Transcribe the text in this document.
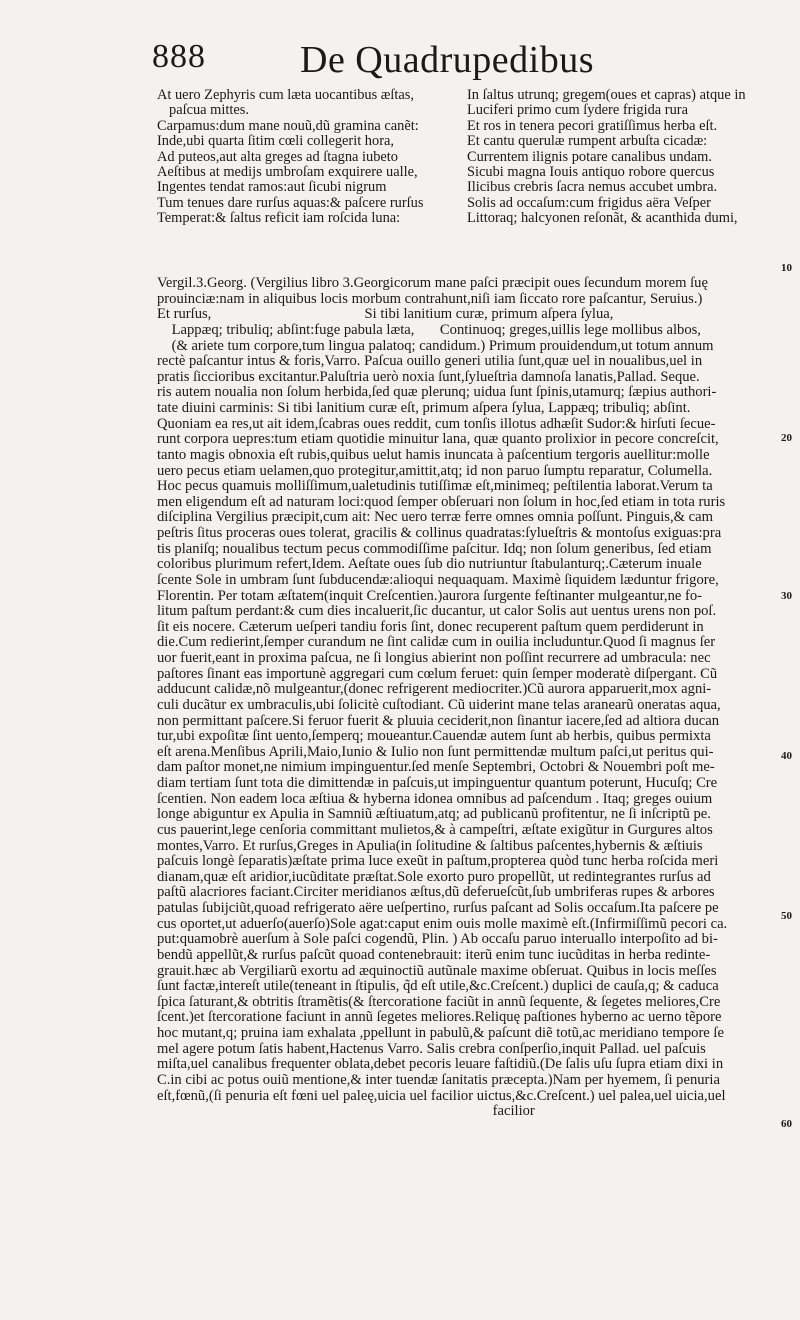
888 De Quadrupedibus
At uero Zephyris cum læta uocantibus æſtas,
paſcua mittes.
Carpamus:dum mane nouũ,dũ gramina canẽt:
Inde,ubi quarta ſitim cœli collegerit hora,
Ad puteos,aut alta greges ad ſtagna iubeto
Aeſtibus at medijs umbroſam exquirere ualle,
Ingentes tendat ramos:aut ſicubi nigrum
Tum tenues dare rurſus aquas:& paſcere rurſus
Temperat:& ſaltus reficit iam roſcida luna:
In ſaltus utrunq; gregem(oues et capras) atque in
Luciferi primo cum ſydere frigida rura
Et ros in tenera pecori gratiſſimus herba eſt.
Et cantu querulæ rumpent arbuſta cicadæ:
Currentem ilignis potare canalibus undam.
Sicubi magna Iouis antiquo robore quercus
Ilicibus crebris ſacra nemus accubet umbra.
Solis ad occaſum:cum frigidus aëra Veſper
Littoraq; halcyonen reſonãt, & acanthida dumi,
Vergil.3.Georg. (Vergilius libro 3.Georgicorum mane paſci præcipit oues ſecundum morem ſuę
prouinciæ:nam in aliquibus locis morbum contrahunt,niſi iam ſiccato rore paſcantur, Seruius.)
Et rurſus,                                          Si tibi lanitium curæ, primum aſpera ſylua,
Lappæq; tribuliq; abſint:fuge pabula læta,       Continuoq; greges,uillis lege mollibus albos,
(& ariete tum corpore,tum lingua palatoq; candidum.) Primum prouidendum,ut totum annum
rectè paſcantur intus & foris,Varro. Paſcua ouillo generi utilia ſunt,quæ uel in noualibus,uel in
pratis ſiccioribus excitantur.Paluſtria uerò noxia ſunt,ſylueſtria damnoſa lanatis,Pallad. Seque.
ris autem noualia non ſolum herbida,ſed quæ plerunq; uidua ſunt ſpinis,utamurq; ſæpius authori-
tate diuini carminis: Si tibi lanitium curæ eſt, primum aſpera ſylua, Lappæq; tribuliq; abſint.
Quoniam ea res,ut ait idem,ſcabras oues reddit, cum tonſis illotus adhæſit Sudor:& hirſuti ſecue-
runt corpora uepres:tum etiam quotidie minuitur lana, quæ quanto prolixior in pecore concreſcit,
tanto magis obnoxia eſt rubis,quibus uelut hamis inuncata à paſcentium tergoris auellitur:molle
uero pecus etiam uelamen,quo protegitur,amittit,atq; id non paruo ſumptu reparatur, Columella.
Hoc pecus quamuis molliſſimum,ualetudinis tutiſſimæ eſt,minimeq; peſtilentia laborat.Verum ta
men eligendum eſt ad naturam loci:quod ſemper obſeruari non ſolum in hoc,ſed etiam in tota ruris
diſciplina Vergilius præcipit,cum ait: Nec uero terræ ferre omnes omnia poſſunt. Pinguis,& cam
peſtris ſitus proceras oues tolerat, gracilis & collinus quadratas:ſylueſtris & montoſus exiguas:pra
tis planiſq; noualibus tectum pecus commodiſſime paſcitur. Idq; non ſolum generibus, ſed etiam
coloribus plurimum refert,Idem. Aeſtate oues ſub dio nutriuntur ſtabulanturq;.Cæterum inuale
ſcente Sole in umbram ſunt ſubducendæ:alioqui nequaquam. Maximè ſiquidem læduntur frigore,
Florentin. Per totam æſtatem(inquit Creſcentien.)aurora ſurgente feſtinanter mulgeantur,ne fo-
litum paſtum perdant:& cum dies incaluerit,ſic ducantur, ut calor Solis aut uentus urens non poſ.
ſit eis nocere. Cæterum ueſperi tandiu foris ſint, donec recuperent paſtum quem perdiderunt in
die.Cum redierint,ſemper curandum ne ſint calidæ cum in ouilia includuntur.Quod ſi magnus ſer
uor fuerit,eant in proxima paſcua, ne ſi longius abierint non poſſint recurrere ad umbracula: nec
paſtores ſinant eas importunè aggregari cum cœlum feruet: quin ſemper moderatè diſpergant. Cũ
adducunt calidæ,nõ mulgeantur,(donec refrigerent mediocriter.)Cũ aurora apparuerit,mox agni-
culi ducãtur ex umbraculis,ubi ſolicitè cuſtodiant. Cũ uiderint mane telas aranearũ oneratas aqua,
non permittant paſcere.Si feruor fuerit & pluuia ceciderit,non ſinantur iacere,ſed ad altiora ducan
tur,ubi expoſitæ ſint uento,ſemperq; moueantur.Cauendæ autem ſunt ab herbis, quibus permixta
eſt arena.Menſibus Aprili,Maio,Iunio & Iulio non ſunt permittendæ multum paſci,ut peritus qui-
dam paſtor monet,ne nimium impinguentur.ſed menſe Septembri, Octobri & Nouembri poſt me-
diam tertiam ſunt tota die dimittendæ in paſcuis,ut impinguentur quantum poterunt, Hucuſq; Cre
ſcentien. Non eadem loca æſtiua & hyberna idonea omnibus ad paſcendum . Itaq; greges ouium
longe abiguntur ex Apulia in Samniũ æſtiuatum,atq; ad publicanũ profitentur, ne ſi inſcriptũ pe.
cus pauerint,lege cenſoria committant mulietos,& à campeſtri, æſtate exigũtur in Gurgures altos
montes,Varro. Et rurſus,Greges in Apulia(in ſolitudine & ſaltibus paſcentes,hybernis & æſtiuis
paſcuis longè ſeparatis)æſtate prima luce exeũt in paſtum,propterea quòd tunc herba roſcida meri
dianam,quæ eſt aridior,iucũditate præſtat.Sole exorto puro propellũt, ut redintegrantes rurſus ad
paſtũ alacriores faciant.Circiter meridianos æſtus,dũ deferueſcũt,ſub umbriferas rupes & arbores
patulas ſubijciũt,quoad refrigerato aëre ueſpertino, rurſus paſcant ad Solis occaſum.Ita paſcere pe
cus oportet,ut aduerſo(auerſo)Sole agat:caput enim ouis molle maximè eſt.(Infirmiſſimũ pecori ca.
put:quamobrè auerſum à Sole paſci cogendũ, Plin. ) Ab occaſu paruo interuallo interpoſito ad bi-
bendũ appellũt,& rurſus paſcũt quoad contenebrauit: iterũ enim tunc iucũditas in herba redinte-
grauit.hæc ab Vergiliarũ exortu ad æquinoctiũ autũnale maxime obſeruat. Quibus in locis meſſes
ſunt factæ,intereſt utile(teneant in ſtipulis, q̃d eſt utile,&c.Creſcent.) duplici de cauſa,q; & caduca
ſpica ſaturant,& obtritis ſtramẽtis(& ſtercoratione faciũt in annũ ſequente, & ſegetes meliores,Cre
ſcent.)et ſtercoratione faciunt in annũ ſegetes meliores.Reliquę paſtiones hyberno ac uerno tẽpore
hoc mutant,q; pruina iam exhalata ,ppellunt in pabulũ,& paſcunt diẽ totũ,ac meridiano tempore ſe
mel agere potum ſatis habent,Hactenus Varro. Salis crebra conſperſio,inquit Pallad. uel paſcuis
miſta,uel canalibus frequenter oblata,debet pecoris leuare faſtidiũ.(De ſalis uſu ſupra etiam dixi in
C.in cibi ac potus ouiũ mentione,& inter tuendæ ſanitatis præcepta.)Nam per hyemem, ſi penuria
eſt,fœnũ,(ſi penuria eſt fœni uel paleę,uicia uel facilior uictus,&c.Creſcent.) uel palea,uel uicia,uel
facilior
10
20
30
40
50
60
